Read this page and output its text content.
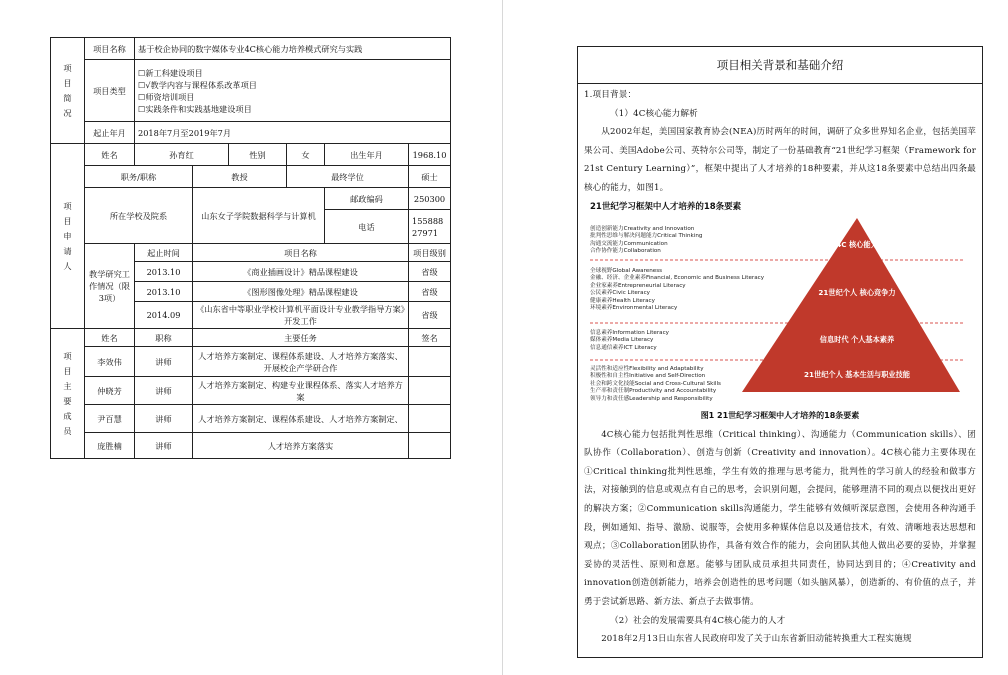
项目简况	项目名称	基于校企协同的数字媒体专业4C核心能力培养模式研究与实践					
	项目类型	☐新工科建设项目
☐√教学内容与课程体系改革项目
☐师资培训项目
☐实践条件和实践基地建设项目					

	起止年月	2018年7月至2019年7月					

项目申请人	姓名	孙育红		性别	女	出生年月	1968.10
	职务/职称		教授		最终学位		硕士
	所在学校及院系		山东女子学院数据科学与计算机			邮政编码	250300
						电话	15588827971
	教学研究工作情况（限3项）	起止时间	项目名称				项目级别
		2013.10	《商业插画设计》精品课程建设				省级
		2013.10	《图形图像处理》精品课程建设				省级
		2014.09	《山东省中等职业学校计算机平面设计专业教学指导方案》开发工作				省级

项目主要成员	姓名	职称	主要任务				签名
	李效伟	讲师	人才培养方案制定、课程体系建设、人才培养方案落实、开展校企产学研合作				
	仲晓芳	讲师	人才培养方案制定、构建专业课程体系、落实人才培养方案				
	尹百慧	讲师	人才培养方案制定、课程体系建设、人才培养方案制定、				
	庞胜楠	讲师	人才培养方案落实				
项目相关背景和基础介绍

1.项目背景：

（1）4C核心能力解析

从2002年起，美国国家教育协会(NEA)历时两年的时间，调研了众多世界知名企业，包括美国苹果公司、美国Adobe公司、英特尔公司等，制定了一份基础教育“21世纪学习框架（Framework for 21st Century Learning）”，框架中提出了人才培养的18种要素，并从这18条要素中总结出四条最核心的能力，如图1。

21世纪学习框架中人才培养的18条要素
创造创新能力Creativity and Innovation
批判性思维与解决问题能力Critical Thinking
沟通交流能力Communication
合作协作能力Collaboration
全球视野Global Awareness
金融、经济、企业素养Financial, Economic and Business Literacy
企业家素养Entrepreneurial Literacy
公民素养Civic Literacy
健康素养Health Literacy
环境素养Environmental Literacy
信息素养Information Literacy
媒体素养Media Literacy
信息通信素养ICT Literacy
灵活性和适应性Flexibility and Adaptability
积极性和自主性Initiative and Self-Direction
社会和跨文化技能Social and Cross-Cultural Skills
生产率和责任制Productivity and Accountability
领导力和责任感Leadership and Responsibility
4C 核心能力
21世纪个人 核心竞争力
信息时代 个人基本素养
21世纪个人 基本生活与职业技能
图1 21世纪学习框架中人才培养的18条要素

4C核心能力包括批判性思维（Critical thinking）、沟通能力（Communication skills）、团队协作（Collaboration）、创造与创新（Creativity and innovation）。4C核心能力主要体现在①Critical thinking批判性思维，学生有效的推理与思考能力，批判性的学习前人的经验和做事方法，对接触到的信息或观点有自己的思考，会识别问题，会提问，能够理清不同的观点以便找出更好的解决方案；②Communication skills沟通能力，学生能够有效倾听深层意图，会使用各种沟通手段，例如通知、指导、激励、说服等，会使用多种媒体信息以及通信技术，有效、清晰地表达思想和观点；③Collaboration团队协作，具备有效合作的能力，会向团队其他人做出必要的妥协，并掌握妥协的灵活性、原则和意愿。能够与团队成员承担共同责任，协同达到目的；④Creativity and innovation创造创新能力，培养会创造性的思考问题（如头脑风暴），创造新的、有价值的点子，并勇于尝试新思路、新方法、新点子去做事情。

（2）社会的发展需要具有4C核心能力的人才

2018年2月13日山东省人民政府印发了关于山东省新旧动能转换重大工程实施规
